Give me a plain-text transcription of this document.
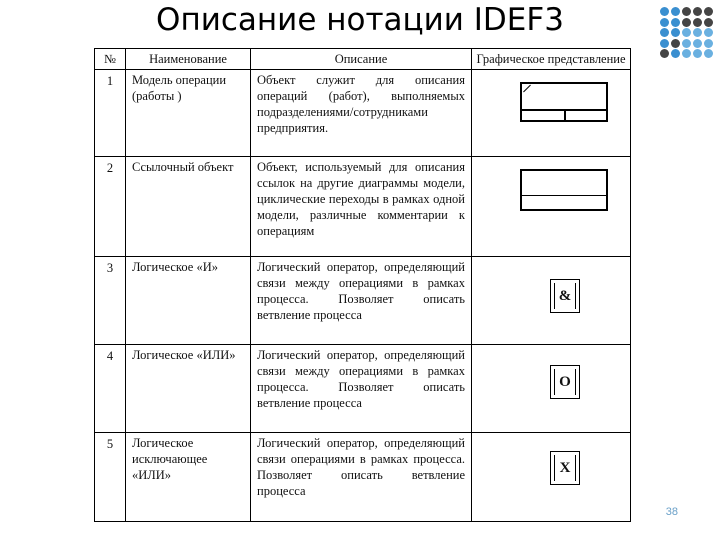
Описание нотации IDEF3
№	Наименование	Описание	Графическое представление
1	Модель операции (работы )	Объект служит для описания операций (работ), выполняемых подразделениями/сотрудниками предприятия.	

2	Ссылочный объект	Объект, используемый для описания ссылок на другие диаграммы модели, циклические переходы в рамках одной модели, различные комментарии к операциям	

3	Логическое «И»	Логический оператор, определяющий связи между операциями в рамках процесса. Позволяет описать ветвление процесса	&

4	Логическое «ИЛИ»	Логический оператор, определяющий связи между операциями в рамках процесса. Позволяет описать ветвление процесса	O

5	Логическое исключающее «ИЛИ»	Логический оператор, определяющий связи операциями в рамках процесса. Позволяет описать ветвление процесса	X
38
